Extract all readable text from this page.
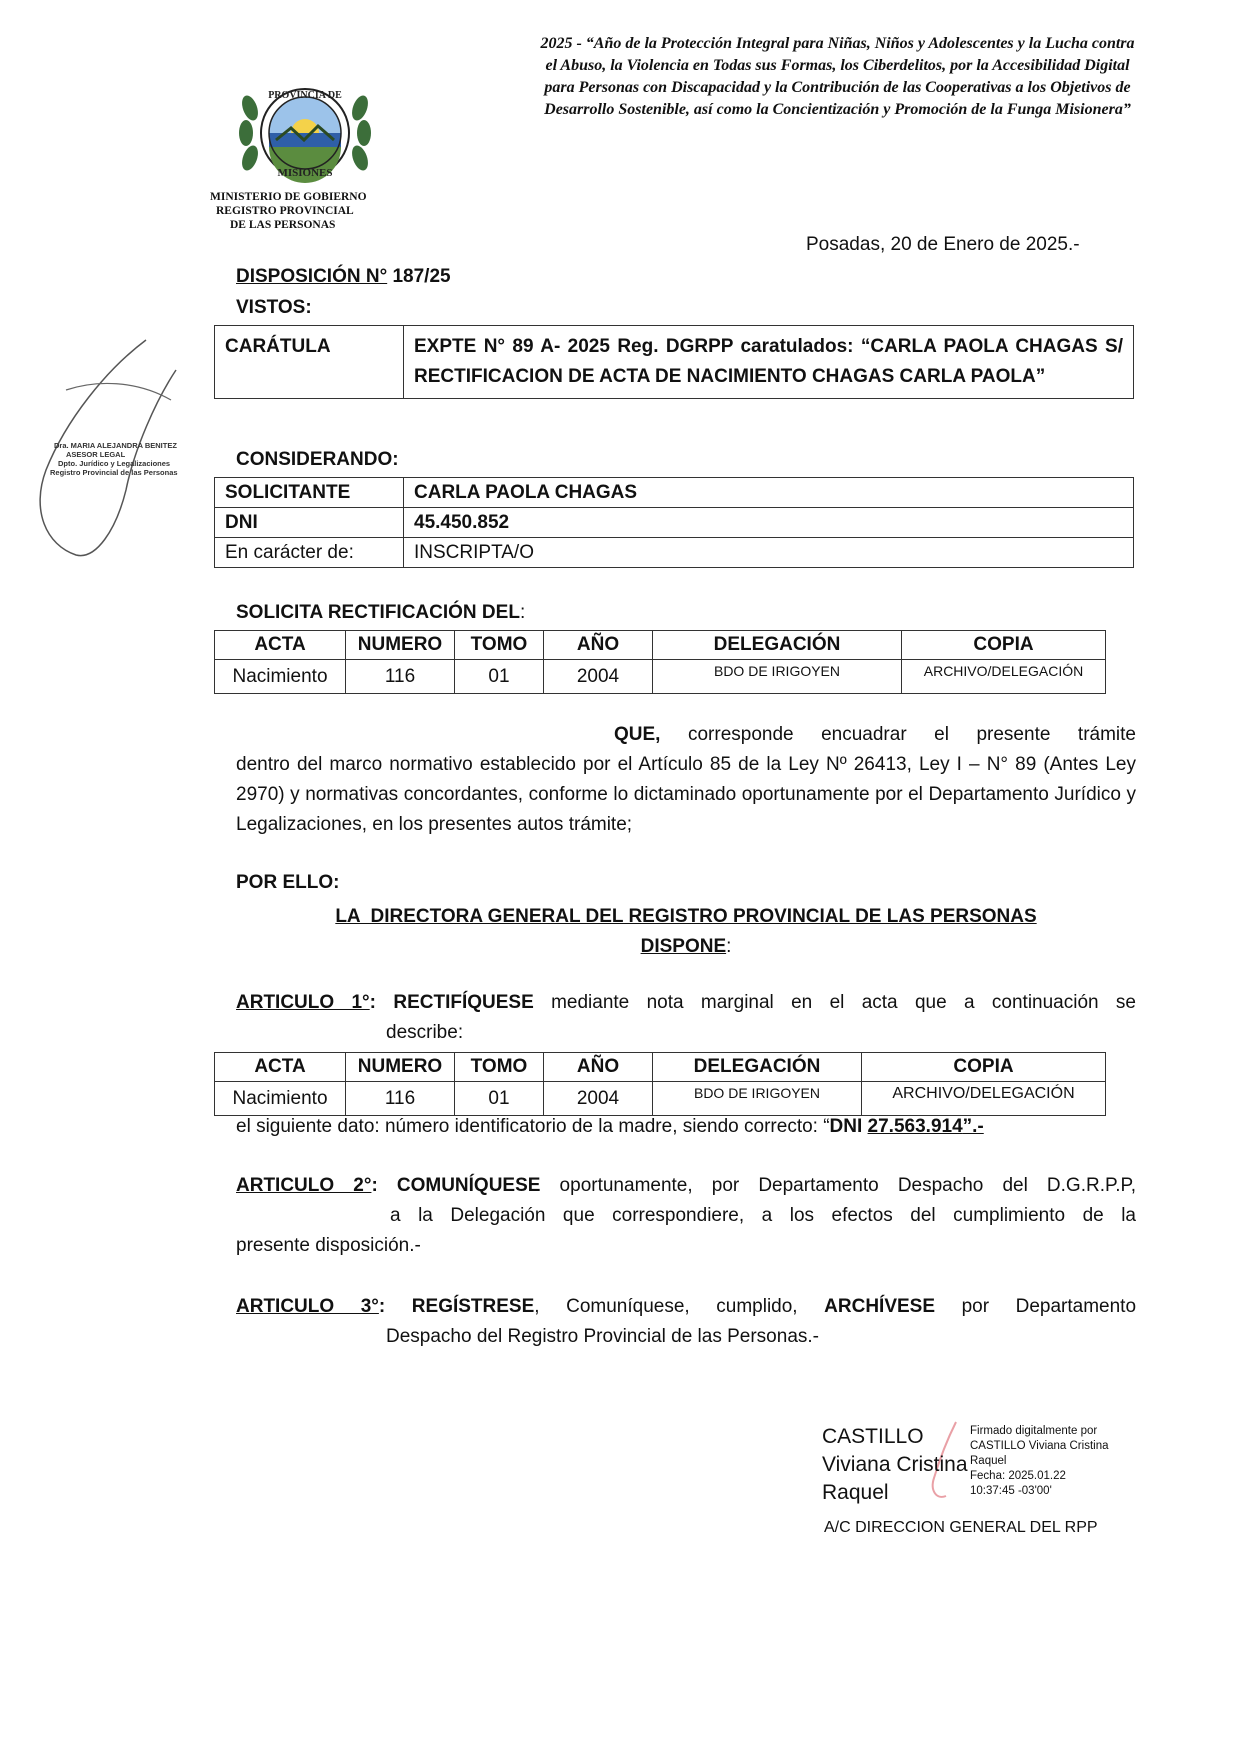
2025 - “Año de la Protección Integral para Niñas, Niños y Adolescentes y la Lucha contra el Abuso, la Violencia en Todas sus Formas, los Ciberdelitos, por la Accesibilidad Digital para Personas con Discapacidad y la Contribución de las Cooperativas a los Objetivos de Desarrollo Sostenible, así como la Concientización y Promoción de la Funga Misionera”
PROVINCIA DE
MISIONES
MINISTERIO DE GOBIERNO
REGISTRO PROVINCIAL
DE LAS PERSONAS
Dra. MARIA ALEJANDRA BENITEZ
ASESOR LEGAL
Dpto. Jurídico y Legalizaciones
Registro Provincial de las Personas
Posadas, 20 de Enero de 2025.-
DISPOSICIÓN N° 187/25
VISTOS:
CARÁTULA	EXPTE N° 89 A- 2025 Reg. DGRPP caratulados: “CARLA PAOLA CHAGAS S/ RECTIFICACION DE ACTA DE NACIMIENTO CHAGAS CARLA PAOLA”
CONSIDERANDO:
SOLICITANTE	CARLA PAOLA CHAGAS
DNI	45.450.852
En carácter de:	INSCRIPTA/O
SOLICITA RECTIFICACIÓN DEL:
ACTA	NUMERO	TOMO	AÑO	DELEGACIÓN	COPIA
Nacimiento	116	01	2004	BDO DE IRIGOYEN	ARCHIVO/DELEGACIÓN
QUE, corresponde encuadrar el presente trámite
dentro del marco normativo establecido por el Artículo 85 de la Ley Nº 26413, Ley I – N° 89 (Antes Ley 2970) y normativas concordantes, conforme lo dictaminado oportunamente por el Departamento Jurídico y Legalizaciones, en los presentes autos trámite;
POR ELLO:
LA  DIRECTORA GENERAL DEL REGISTRO PROVINCIAL DE LAS PERSONAS
DISPONE:
ARTICULO 1°: RECTIFÍQUESE mediante nota marginal en el acta que a continuación se
describe:
ACTA	NUMERO	TOMO	AÑO	DELEGACIÓN	COPIA
Nacimiento	116	01	2004	BDO DE IRIGOYEN	ARCHIVO/DELEGACIÓN
el siguiente dato: número identificatorio de la madre, siendo correcto: “DNI 27.563.914”.-
ARTICULO 2°: COMUNÍQUESE oportunamente, por Departamento Despacho del D.G.R.P.P,
a la Delegación que correspondiere, a los efectos del cumplimiento de la
presente disposición.-
ARTICULO 3°: REGÍSTRESE, Comuníquese, cumplido, ARCHÍVESE por Departamento
Despacho del Registro Provincial de las Personas.-
CASTILLO
Viviana Cristina
Raquel
Firmado digitalmente por
CASTILLO Viviana Cristina
Raquel
Fecha: 2025.01.22
10:37:45 -03'00'
A/C DIRECCION GENERAL DEL RPP
